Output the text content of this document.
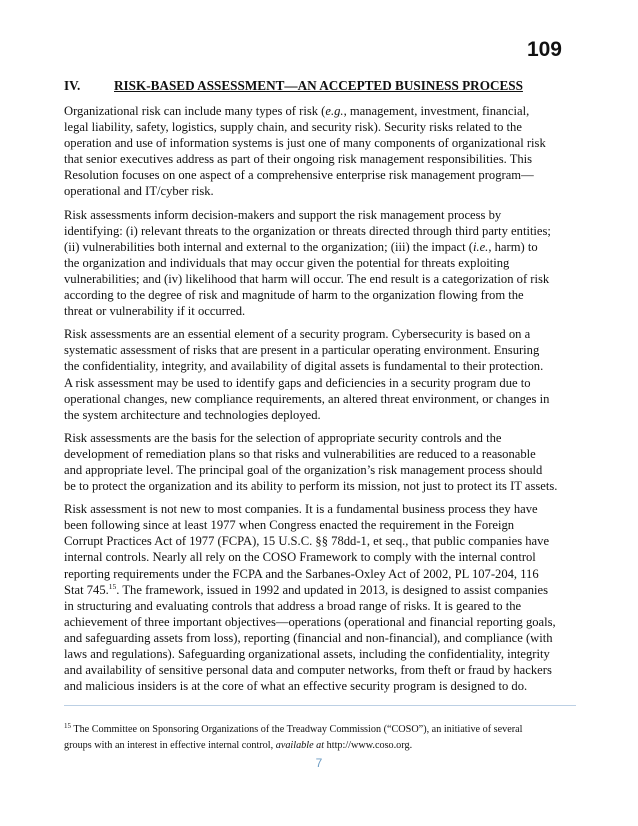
109
IV.	RISK-BASED ASSESSMENT—AN ACCEPTED BUSINESS PROCESS

Organizational risk can include many types of risk (e.g., management, investment, financial,
legal liability, safety, logistics, supply chain, and security risk). Security risks related to the
operation and use of information systems is just one of many components of organizational risk
that senior executives address as part of their ongoing risk management responsibilities. This
Resolution focuses on one aspect of a comprehensive enterprise risk management program—
operational and IT/cyber risk.

Risk assessments inform decision-makers and support the risk management process by
identifying: (i) relevant threats to the organization or threats directed through third party entities;
(ii) vulnerabilities both internal and external to the organization; (iii) the impact (i.e., harm) to
the organization and individuals that may occur given the potential for threats exploiting
vulnerabilities; and (iv) likelihood that harm will occur. The end result is a categorization of risk
according to the degree of risk and magnitude of harm to the organization flowing from the
threat or vulnerability if it occurred.

Risk assessments are an essential element of a security program. Cybersecurity is based on a
systematic assessment of risks that are present in a particular operating environment. Ensuring
the confidentiality, integrity, and availability of digital assets is fundamental to their protection.
A risk assessment may be used to identify gaps and deficiencies in a security program due to
operational changes, new compliance requirements, an altered threat environment, or changes in
the system architecture and technologies deployed.

Risk assessments are the basis for the selection of appropriate security controls and the
development of remediation plans so that risks and vulnerabilities are reduced to a reasonable
and appropriate level. The principal goal of the organization’s risk management process should
be to protect the organization and its ability to perform its mission, not just to protect its IT assets.

Risk assessment is not new to most companies. It is a fundamental business process they have
been following since at least 1977 when Congress enacted the requirement in the Foreign
Corrupt Practices Act of 1977 (FCPA), 15 U.S.C. §§ 78dd-1, et seq., that public companies have
internal controls. Nearly all rely on the COSO Framework to comply with the internal control
reporting requirements under the FCPA and the Sarbanes-Oxley Act of 2002, PL 107-204, 116
Stat 745.15. The framework, issued in 1992 and updated in 2013, is designed to assist companies
in structuring and evaluating controls that address a broad range of risks. It is geared to the
achievement of three important objectives—operations (operational and financial reporting goals,
and safeguarding assets from loss), reporting (financial and non-financial), and compliance (with
laws and regulations). Safeguarding organizational assets, including the confidentiality, integrity
and availability of sensitive personal data and computer networks, from theft or fraud by hackers
and malicious insiders is at the core of what an effective security program is designed to do.

$^{15}$ The Committee on Sponsoring Organizations of the Treadway Commission (“COSO”), an initiative of several
groups with an interest in effective internal control, available at http://www.coso.org.
7
